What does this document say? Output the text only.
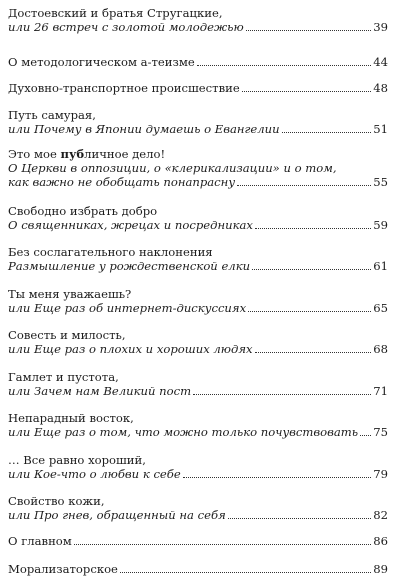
Достоевский и братья Стругацкие,
или 26 встреч с золотой молодежью	39
О методологическом а-теизме	44
Духовно-транспортное происшествие	48
Путь самурая,
или Почему в Японии думаешь о Евангелии	51
Это мое публичное дело!
О Церкви в оппозиции, о «клерикализации» и о том,
как важно не обобщать понапрасну	55
Свободно избрать добро
О священниках, жрецах и посредниках	59
Без сослагательного наклонения
Размышление у рождественской елки	61
Ты меня уважаешь?
или Еще раз об интернет-дискуссиях	65
Совесть и милость,
или Еще раз о плохих и хороших людях	68
Гамлет и пустота,
или Зачем нам Великий пост	71
Непарадный восток,
или Еще раз о том, что можно только почувствовать 75
… Все равно хороший,
или Кое-что о любви к себе	79
Свойство кожи,
или Про гнев, обращенный на себя	82
О главном	86
Морализаторское	89
